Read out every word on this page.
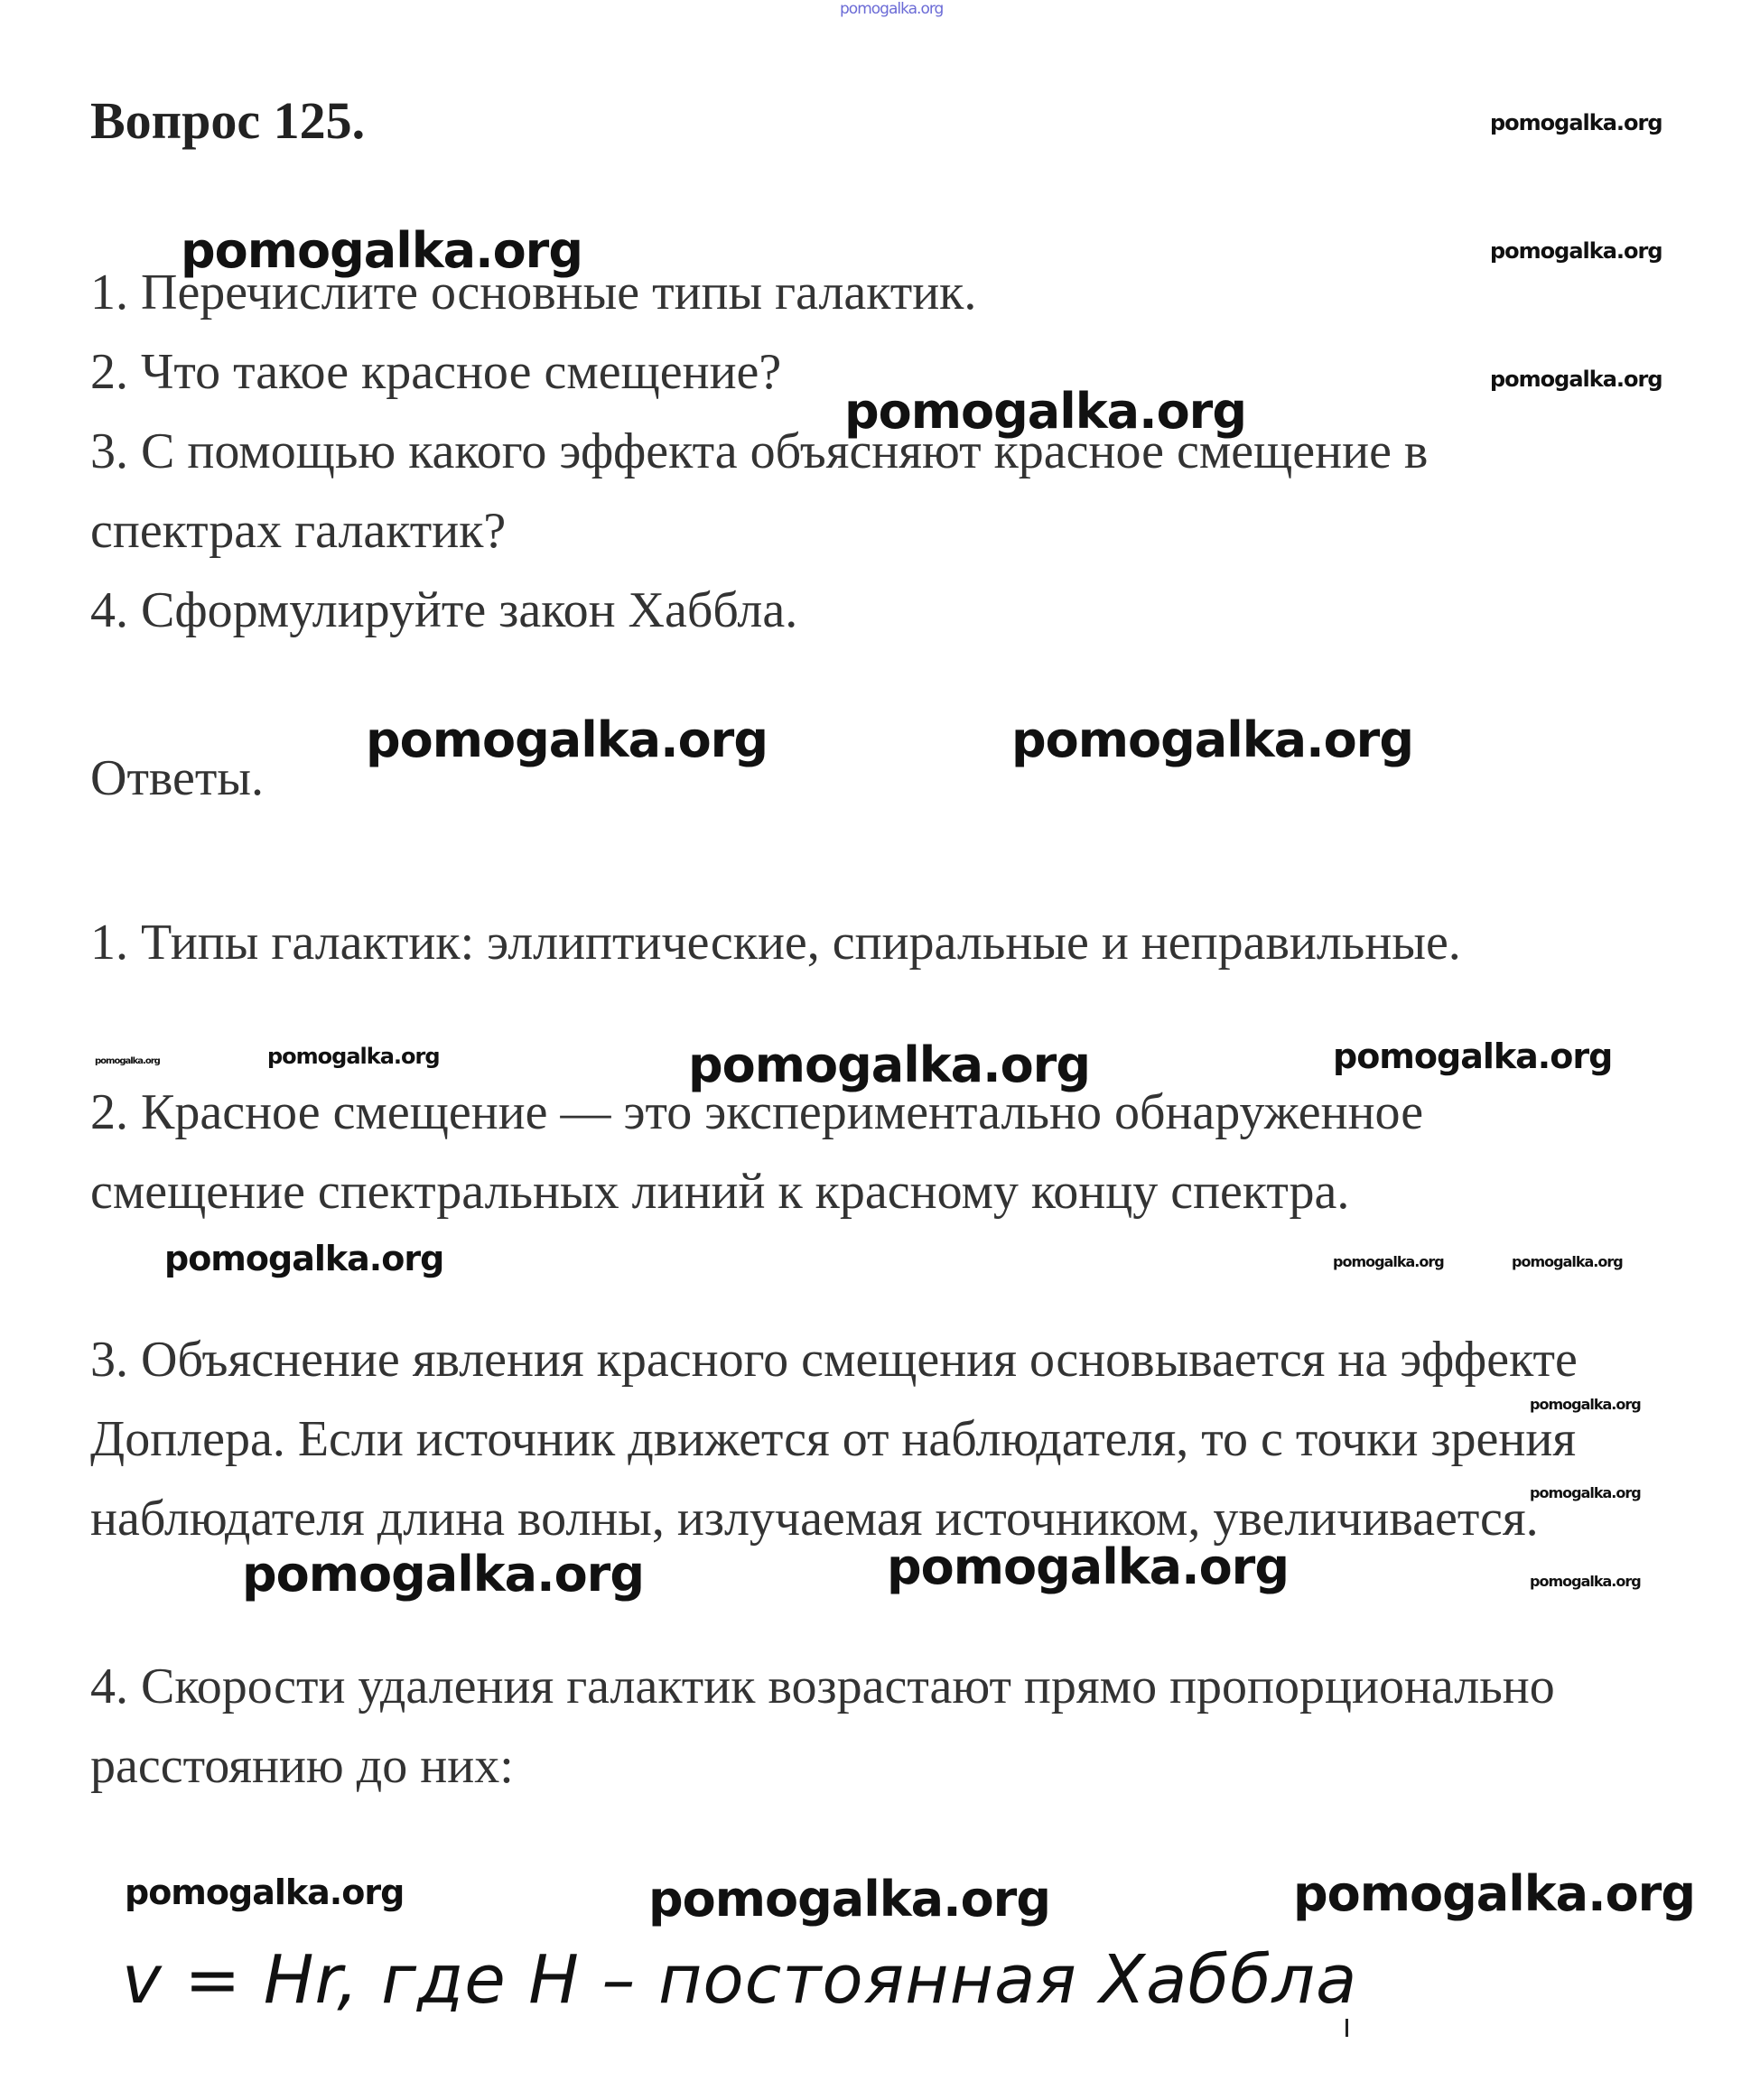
pomogalka.org
Вопрос 125.
1. Перечислите основные типы галактик.
2. Что такое красное смещение?
3. С помощью какого эффекта объясняют красное смещение в
спектрах галактик?
4. Сформулируйте закон Хаббла.
Ответы.
1. Типы галактик: эллиптические, спиральные и неправильные.
2. Красное смещение — это экспериментально обнаруженное
смещение спектральных линий к красному концу спектра.
3. Объяснение явления красного смещения основывается на эффекте
Доплера. Если источник движется от наблюдателя, то с точки зрения
наблюдателя длина волны, излучаемая источником, увеличивается.
4. Скорости удаления галактик возрастают прямо пропорционально
расстоянию до них:
v = Hr, где H – постоянная Хаббла
pomogalka.org
pomogalka.org	pomogalka.org
pomogalka.org
pomogalka.org
pomogalka.org	pomogalka.org
pomogalka.org	pomogalka.org	pomogalka.org	pomogalka.org
pomogalka.org	pomogalka.org	pomogalka.org
pomogalka.org
pomogalka.org
pomogalka.org	pomogalka.org	pomogalka.org
pomogalka.org	pomogalka.org	pomogalka.org
